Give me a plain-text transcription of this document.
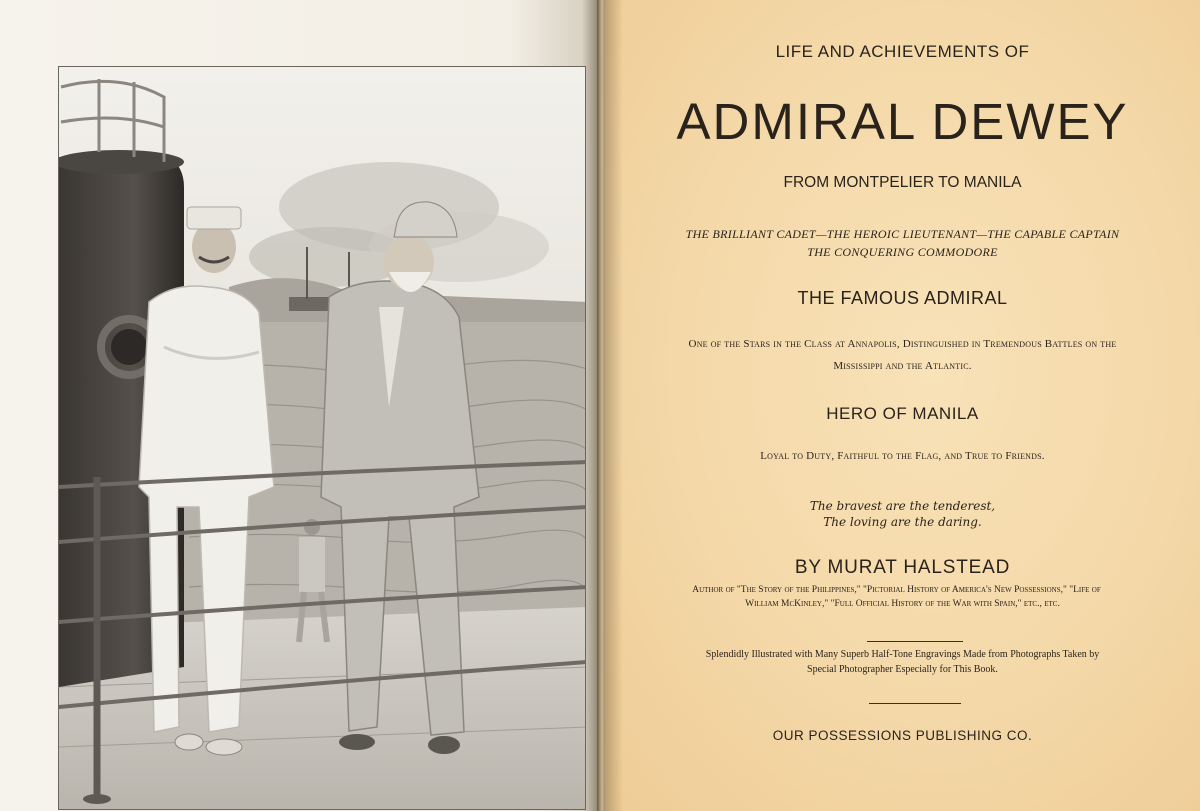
LIFE AND ACHIEVEMENTS OF
ADMIRAL DEWEY
FROM MONTPELIER TO MANILA
THE BRILLIANT CADET—THE HEROIC LIEUTENANT—THE CAPABLE CAPTAIN
THE CONQUERING COMMODORE
THE FAMOUS ADMIRAL
One of the Stars in the Class at Annapolis, Distinguished in Tremendous Battles on the
Mississippi and the Atlantic.
HERO OF MANILA
Loyal to Duty, Faithful to the Flag, and True to Friends.
The bravest are the tenderest,
The loving are the daring.
BY MURAT HALSTEAD
Author of "The Story of the Philippines," "Pictorial History of America's New Possessions," "Life of
William McKinley," "Full Official History of the War with Spain," etc., etc.
Splendidly Illustrated with Many Superb Half-Tone Engravings Made from Photographs Taken by
Special Photographer Especially for This Book.
OUR POSSESSIONS PUBLISHING CO.
